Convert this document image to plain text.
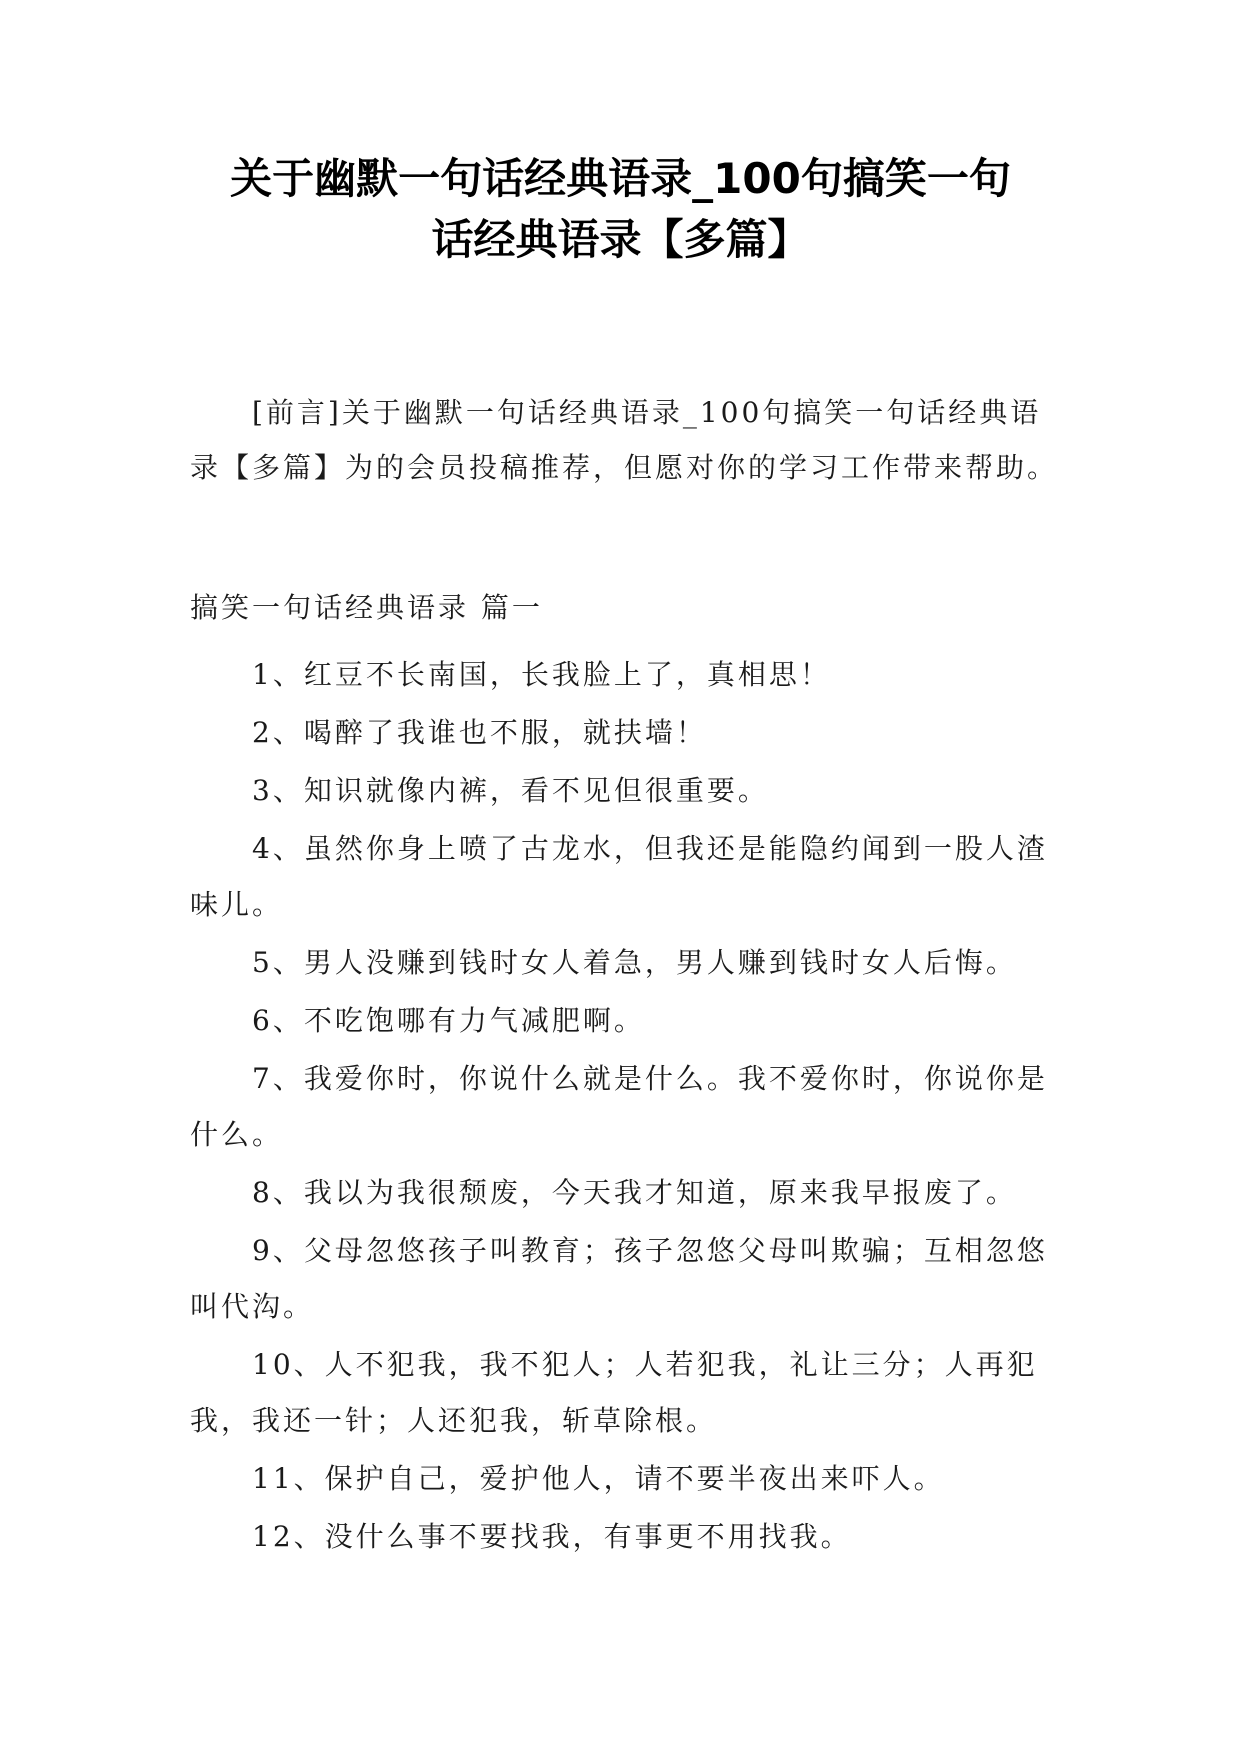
关于幽默一句话经典语录_100句搞笑一句
话经典语录【多篇】

[前言]关于幽默一句话经典语录_100句搞笑一句话经典语录【多篇】为的会员投稿推荐，但愿对你的学习工作带来帮助。

搞笑一句话经典语录 篇一
1、红豆不长南国，长我脸上了，真相思！
2、喝醉了我谁也不服，就扶墙！
3、知识就像内裤，看不见但很重要。
4、虽然你身上喷了古龙水，但我还是能隐约闻到一股人渣味儿。
5、男人没赚到钱时女人着急，男人赚到钱时女人后悔。
6、不吃饱哪有力气减肥啊。
7、我爱你时，你说什么就是什么。我不爱你时，你说你是什么。
8、我以为我很颓废，今天我才知道，原来我早报废了。
9、父母忽悠孩子叫教育；孩子忽悠父母叫欺骗；互相忽悠叫代沟。
10、人不犯我，我不犯人；人若犯我，礼让三分；人再犯我，我还一针；人还犯我，斩草除根。
11、保护自己，爱护他人，请不要半夜出来吓人。
12、没什么事不要找我，有事更不用找我。
